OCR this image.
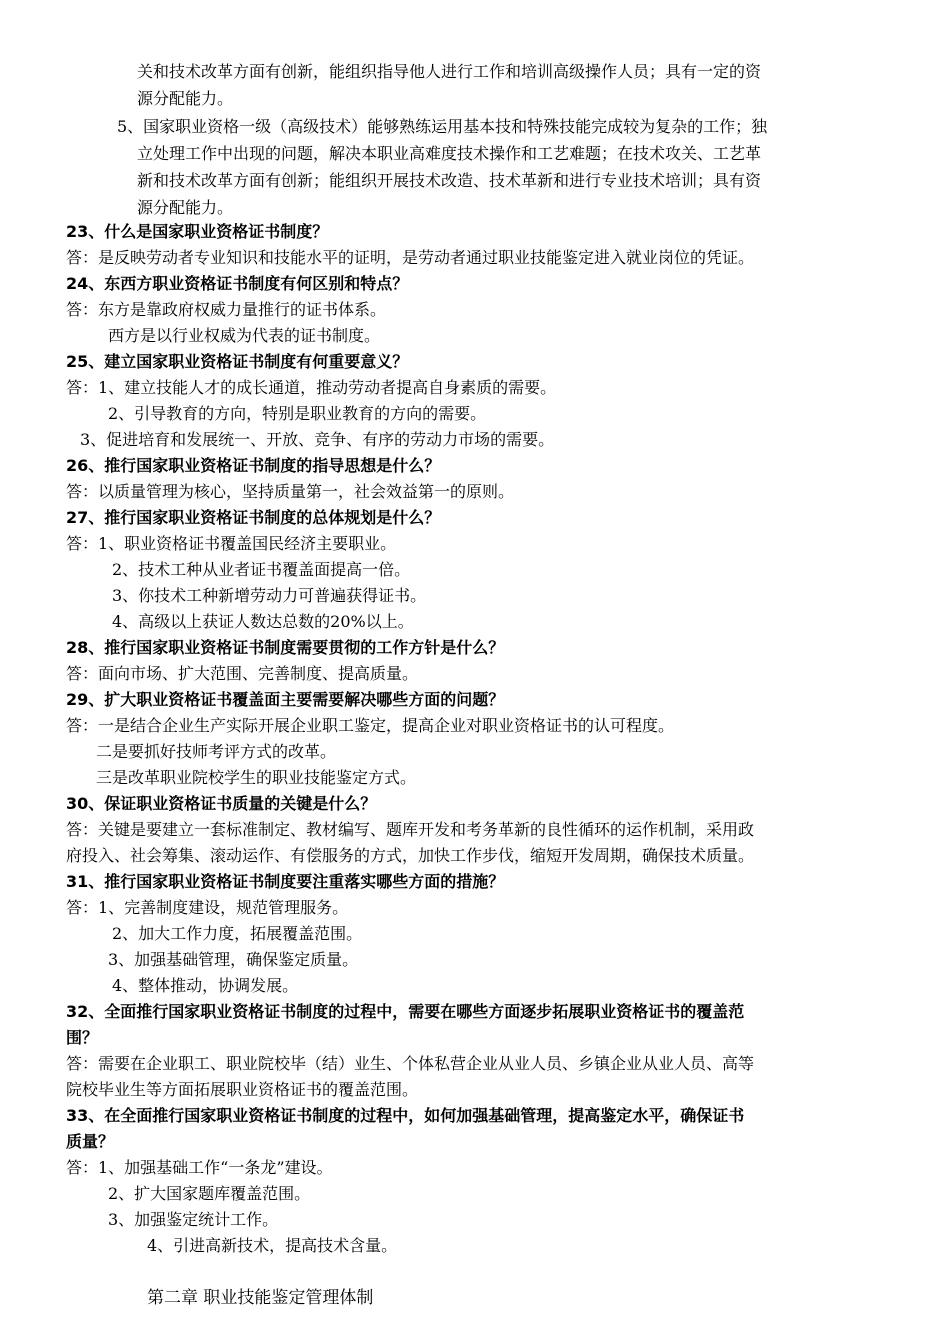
关和技术改革方面有创新，能组织指导他人进行工作和培训高级操作人员；具有一定的资
源分配能力。
5、国家职业资格一级（高级技术）能够熟练运用基本技和特殊技能完成较为复杂的工作；独
立处理工作中出现的问题，解决本职业高难度技术操作和工艺难题；在技术攻关、工艺革
新和技术改革方面有创新；能组织开展技术改造、技术革新和进行专业技术培训；具有资
源分配能力。
23、什么是国家职业资格证书制度？
答：是反映劳动者专业知识和技能水平的证明，是劳动者通过职业技能鉴定进入就业岗位的凭证。
24、东西方职业资格证书制度有何区别和特点？
答：东方是靠政府权威力量推行的证书体系。
西方是以行业权威为代表的证书制度。
25、建立国家职业资格证书制度有何重要意义？
答：1、建立技能人才的成长通道，推动劳动者提高自身素质的需要。
2、引导教育的方向，特别是职业教育的方向的需要。
3、促进培育和发展统一、开放、竞争、有序的劳动力市场的需要。
26、推行国家职业资格证书制度的指导思想是什么？
答：以质量管理为核心，坚持质量第一，社会效益第一的原则。
27、推行国家职业资格证书制度的总体规划是什么？
答：1、职业资格证书覆盖国民经济主要职业。
2、技术工种从业者证书覆盖面提高一倍。
3、你技术工种新增劳动力可普遍获得证书。
4、高级以上获证人数达总数的20%以上。
28、推行国家职业资格证书制度需要贯彻的工作方针是什么？
答：面向市场、扩大范围、完善制度、提高质量。
29、扩大职业资格证书覆盖面主要需要解决哪些方面的问题？
答：一是结合企业生产实际开展企业职工鉴定，提高企业对职业资格证书的认可程度。
二是要抓好技师考评方式的改革。
三是改革职业院校学生的职业技能鉴定方式。
30、保证职业资格证书质量的关键是什么？
答：关键是要建立一套标准制定、教材编写、题库开发和考务革新的良性循环的运作机制，采用政
府投入、社会筹集、滚动运作、有偿服务的方式，加快工作步伐，缩短开发周期，确保技术质量。
31、推行国家职业资格证书制度要注重落实哪些方面的措施？
答：1、完善制度建设，规范管理服务。
2、加大工作力度，拓展覆盖范围。
3、加强基础管理，确保鉴定质量。
4、整体推动，协调发展。
32、全面推行国家职业资格证书制度的过程中，需要在哪些方面逐步拓展职业资格证书的覆盖范
围？
答：需要在企业职工、职业院校毕（结）业生、个体私营企业从业人员、乡镇企业从业人员、高等
院校毕业生等方面拓展职业资格证书的覆盖范围。
33、在全面推行国家职业资格证书制度的过程中，如何加强基础管理，提高鉴定水平，确保证书
质量？
答：1、加强基础工作“一条龙”建设。
2、扩大国家题库覆盖范围。
3、加强鉴定统计工作。
4、引进高新技术，提高技术含量。
第二章 职业技能鉴定管理体制
